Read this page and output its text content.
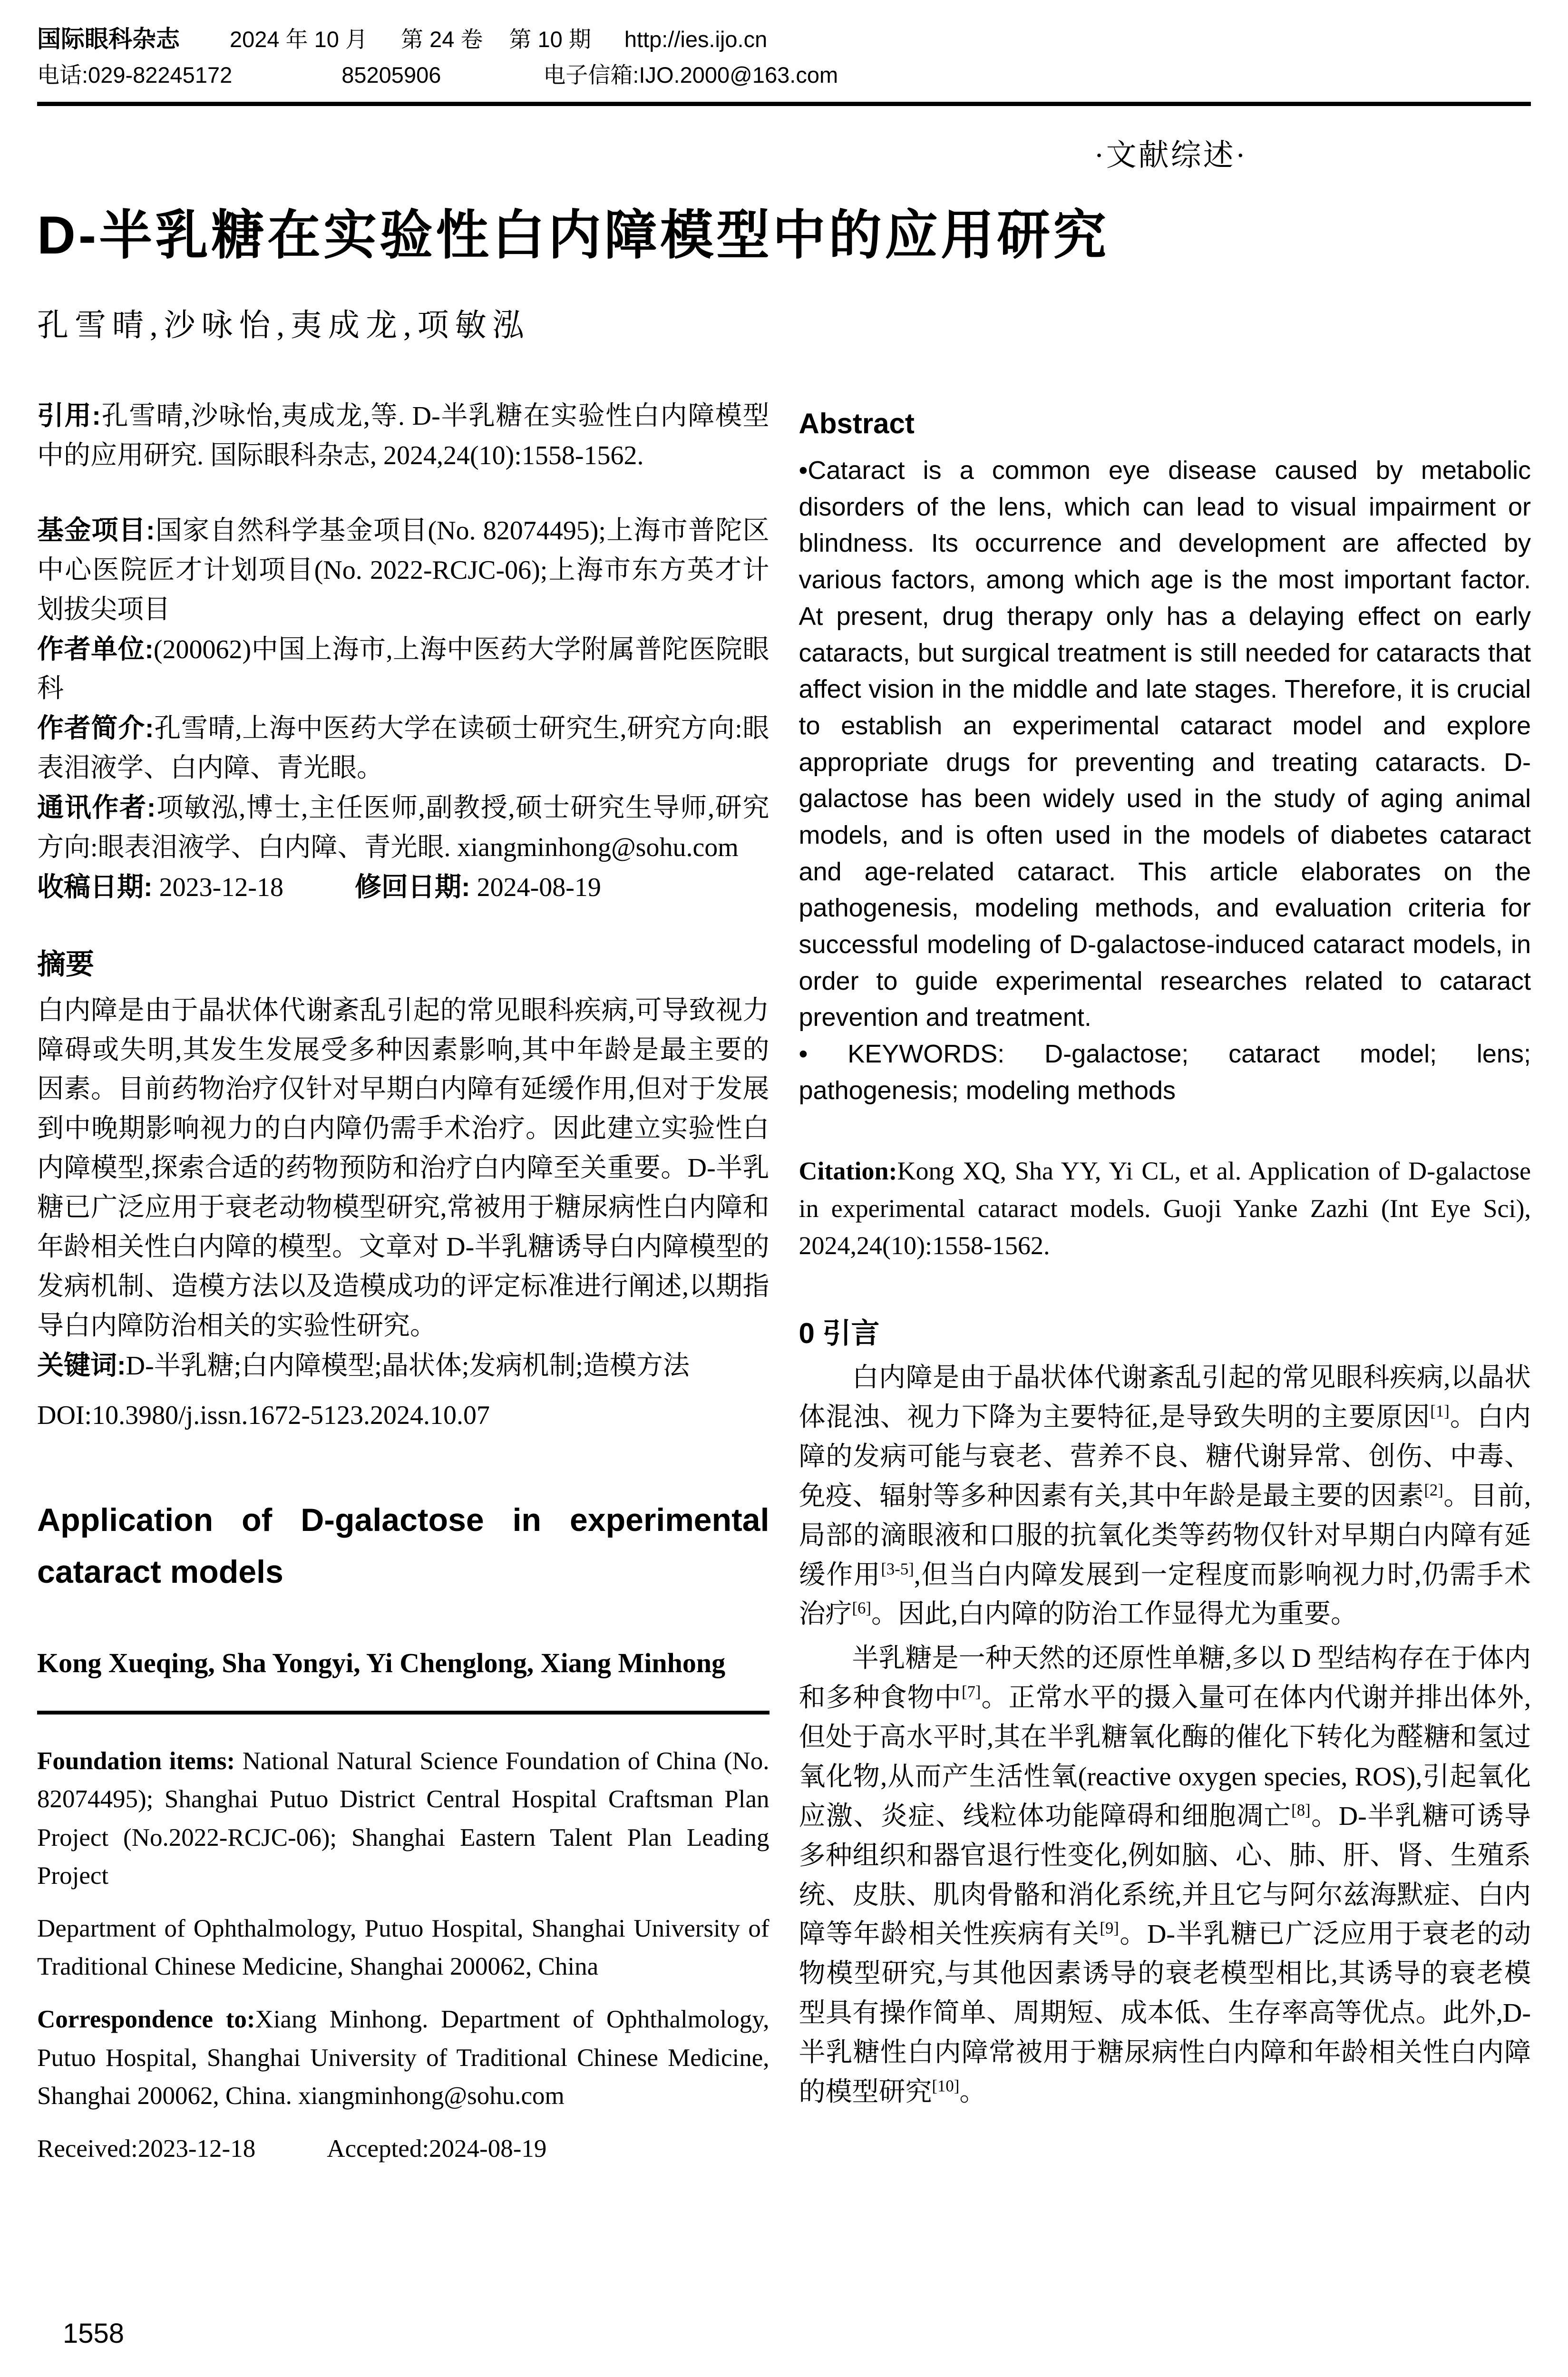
国际眼科杂志 2024 年 10 月 第 24 卷 第 10 期 http://ies.ijo.cn
电话:029-82245172	85205906	电子信箱:IJO.2000@163.com
·文献综述·
D-半乳糖在实验性白内障模型中的应用研究
孔雪晴,沙咏怡,夷成龙,项敏泓

引用:孔雪晴,沙咏怡,夷成龙,等. D-半乳糖在实验性白内障模型中的应用研究. 国际眼科杂志, 2024,24(10):1558-1562.

基金项目:国家自然科学基金项目(No. 82074495);上海市普陀区中心医院匠才计划项目(No. 2022-RCJC-06);上海市东方英才计划拔尖项目

作者单位:(200062)中国上海市,上海中医药大学附属普陀医院眼科

作者简介:孔雪晴,上海中医药大学在读硕士研究生,研究方向:眼表泪液学、白内障、青光眼。

通讯作者:项敏泓,博士,主任医师,副教授,硕士研究生导师,研究方向:眼表泪液学、白内障、青光眼. xiangminhong@sohu.com

收稿日期: 2023-12-18	修回日期: 2024-08-19

摘要

白内障是由于晶状体代谢紊乱引起的常见眼科疾病,可导致视力障碍或失明,其发生发展受多种因素影响,其中年龄是最主要的因素。目前药物治疗仅针对早期白内障有延缓作用,但对于发展到中晚期影响视力的白内障仍需手术治疗。因此建立实验性白内障模型,探索合适的药物预防和治疗白内障至关重要。D-半乳糖已广泛应用于衰老动物模型研究,常被用于糖尿病性白内障和年龄相关性白内障的模型。文章对 D-半乳糖诱导白内障模型的发病机制、造模方法以及造模成功的评定标准进行阐述,以期指导白内障防治相关的实验性研究。

关键词:D-半乳糖;白内障模型;晶状体;发病机制;造模方法

DOI:10.3980/j.issn.1672-5123.2024.10.07

Application of D-galactose in experimental cataract models

Kong Xueqing, Sha Yongyi, Yi Chenglong, Xiang Minhong

Foundation items: National Natural Science Foundation of China (No. 82074495); Shanghai Putuo District Central Hospital Craftsman Plan Project (No.2022-RCJC-06); Shanghai Eastern Talent Plan Leading Project

Department of Ophthalmology, Putuo Hospital, Shanghai University of Traditional Chinese Medicine, Shanghai 200062, China

Correspondence to:Xiang Minhong. Department of Ophthalmology, Putuo Hospital, Shanghai University of Traditional Chinese Medicine, Shanghai 200062, China. xiangminhong@sohu.com

Received:2023-12-18	Accepted:2024-08-19

Abstract

•Cataract is a common eye disease caused by metabolic disorders of the lens, which can lead to visual impairment or blindness. Its occurrence and development are affected by various factors, among which age is the most important factor. At present, drug therapy only has a delaying effect on early cataracts, but surgical treatment is still needed for cataracts that affect vision in the middle and late stages. Therefore, it is crucial to establish an experimental cataract model and explore appropriate drugs for preventing and treating cataracts. D-galactose has been widely used in the study of aging animal models, and is often used in the models of diabetes cataract and age-related cataract. This article elaborates on the pathogenesis, modeling methods, and evaluation criteria for successful modeling of D-galactose-induced cataract models, in order to guide experimental researches related to cataract prevention and treatment.

• KEYWORDS: D-galactose; cataract model; lens; pathogenesis; modeling methods

Citation:Kong XQ, Sha YY, Yi CL, et al. Application of D-galactose in experimental cataract models. Guoji Yanke Zazhi (Int Eye Sci), 2024,24(10):1558-1562.

0 引言

白内障是由于晶状体代谢紊乱引起的常见眼科疾病,以晶状体混浊、视力下降为主要特征,是导致失明的主要原因[1]。白内障的发病可能与衰老、营养不良、糖代谢异常、创伤、中毒、免疫、辐射等多种因素有关,其中年龄是最主要的因素[2]。目前,局部的滴眼液和口服的抗氧化类等药物仅针对早期白内障有延缓作用[3-5],但当白内障发展到一定程度而影响视力时,仍需手术治疗[6]。因此,白内障的防治工作显得尤为重要。

半乳糖是一种天然的还原性单糖,多以 D 型结构存在于体内和多种食物中[7]。正常水平的摄入量可在体内代谢并排出体外,但处于高水平时,其在半乳糖氧化酶的催化下转化为醛糖和氢过氧化物,从而产生活性氧(reactive oxygen species, ROS),引起氧化应激、炎症、线粒体功能障碍和细胞凋亡[8]。D-半乳糖可诱导多种组织和器官退行性变化,例如脑、心、肺、肝、肾、生殖系统、皮肤、肌肉骨骼和消化系统,并且它与阿尔兹海默症、白内障等年龄相关性疾病有关[9]。D-半乳糖已广泛应用于衰老的动物模型研究,与其他因素诱导的衰老模型相比,其诱导的衰老模型具有操作简单、周期短、成本低、生存率高等优点。此外,D-半乳糖性白内障常被用于糖尿病性白内障和年龄相关性白内障的模型研究[10]。

1558
